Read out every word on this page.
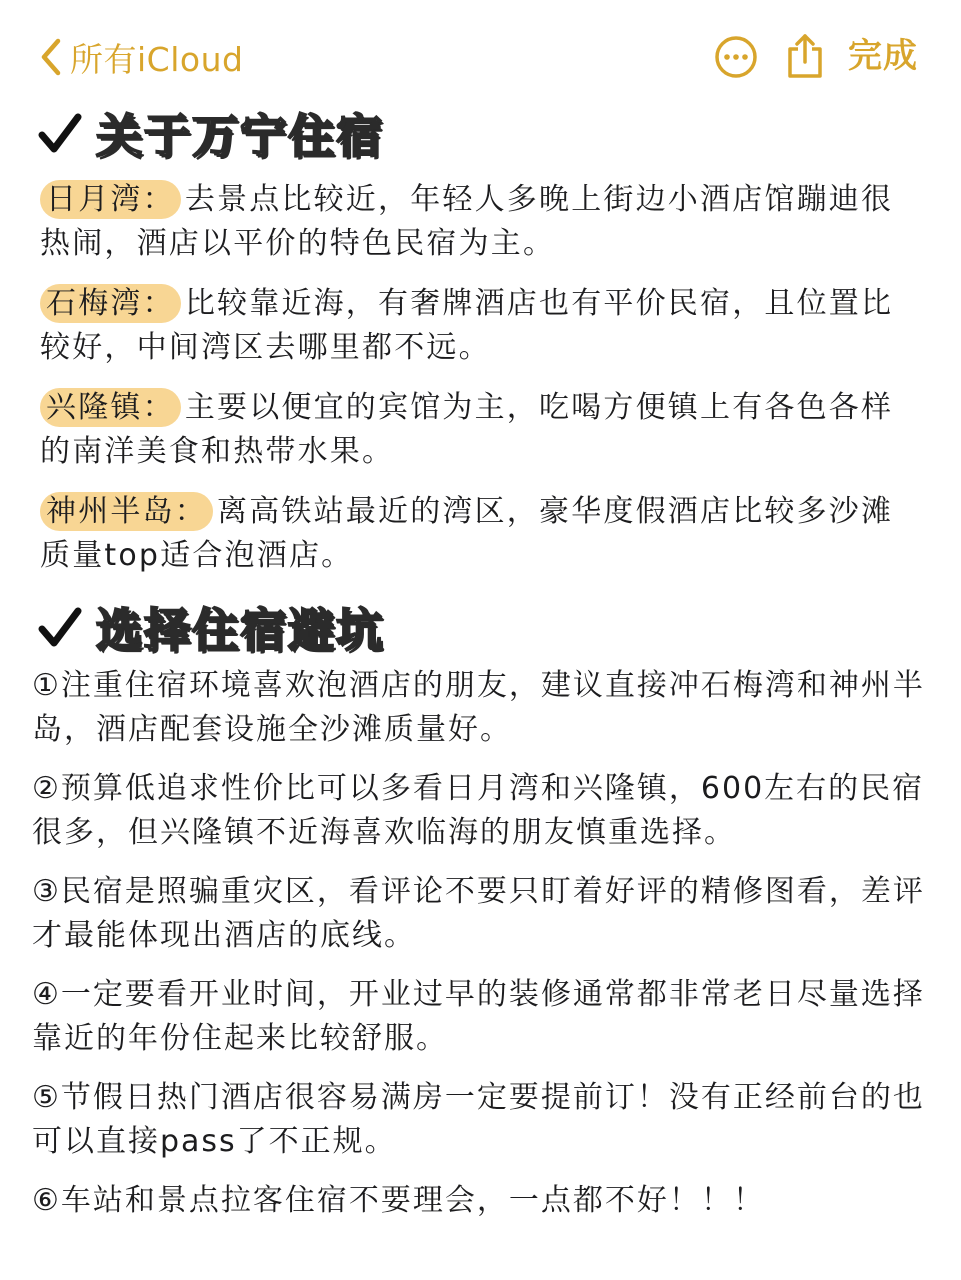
所有iCloud	完成
关于万宁住宿
日月湾： 去景点比较近，年轻人多晚上街边小酒店馆蹦迪很热闹，酒店以平价的特色民宿为主。
石梅湾： 比较靠近海，有奢牌酒店也有平价民宿，且位置比较好，中间湾区去哪里都不远。
兴隆镇： 主要以便宜的宾馆为主，吃喝方便镇上有各色各样的南洋美食和热带水果。
神州半岛： 离高铁站最近的湾区，豪华度假酒店比较多沙滩质量top适合泡酒店。
选择住宿避坑
①注重住宿环境喜欢泡酒店的朋友，建议直接冲石梅湾和神州半岛，酒店配套设施全沙滩质量好。
②预算低追求性价比可以多看日月湾和兴隆镇，600左右的民宿很多，但兴隆镇不近海喜欢临海的朋友慎重选择。
③民宿是照骗重灾区，看评论不要只盯着好评的精修图看，差评才最能体现出酒店的底线。
④一定要看开业时间，开业过早的装修通常都非常老日尽量选择靠近的年份住起来比较舒服。
⑤节假日热门酒店很容易满房一定要提前订！没有正经前台的也可以直接pass了不正规。
⑥车站和景点拉客住宿不要理会，一点都不好！！！
